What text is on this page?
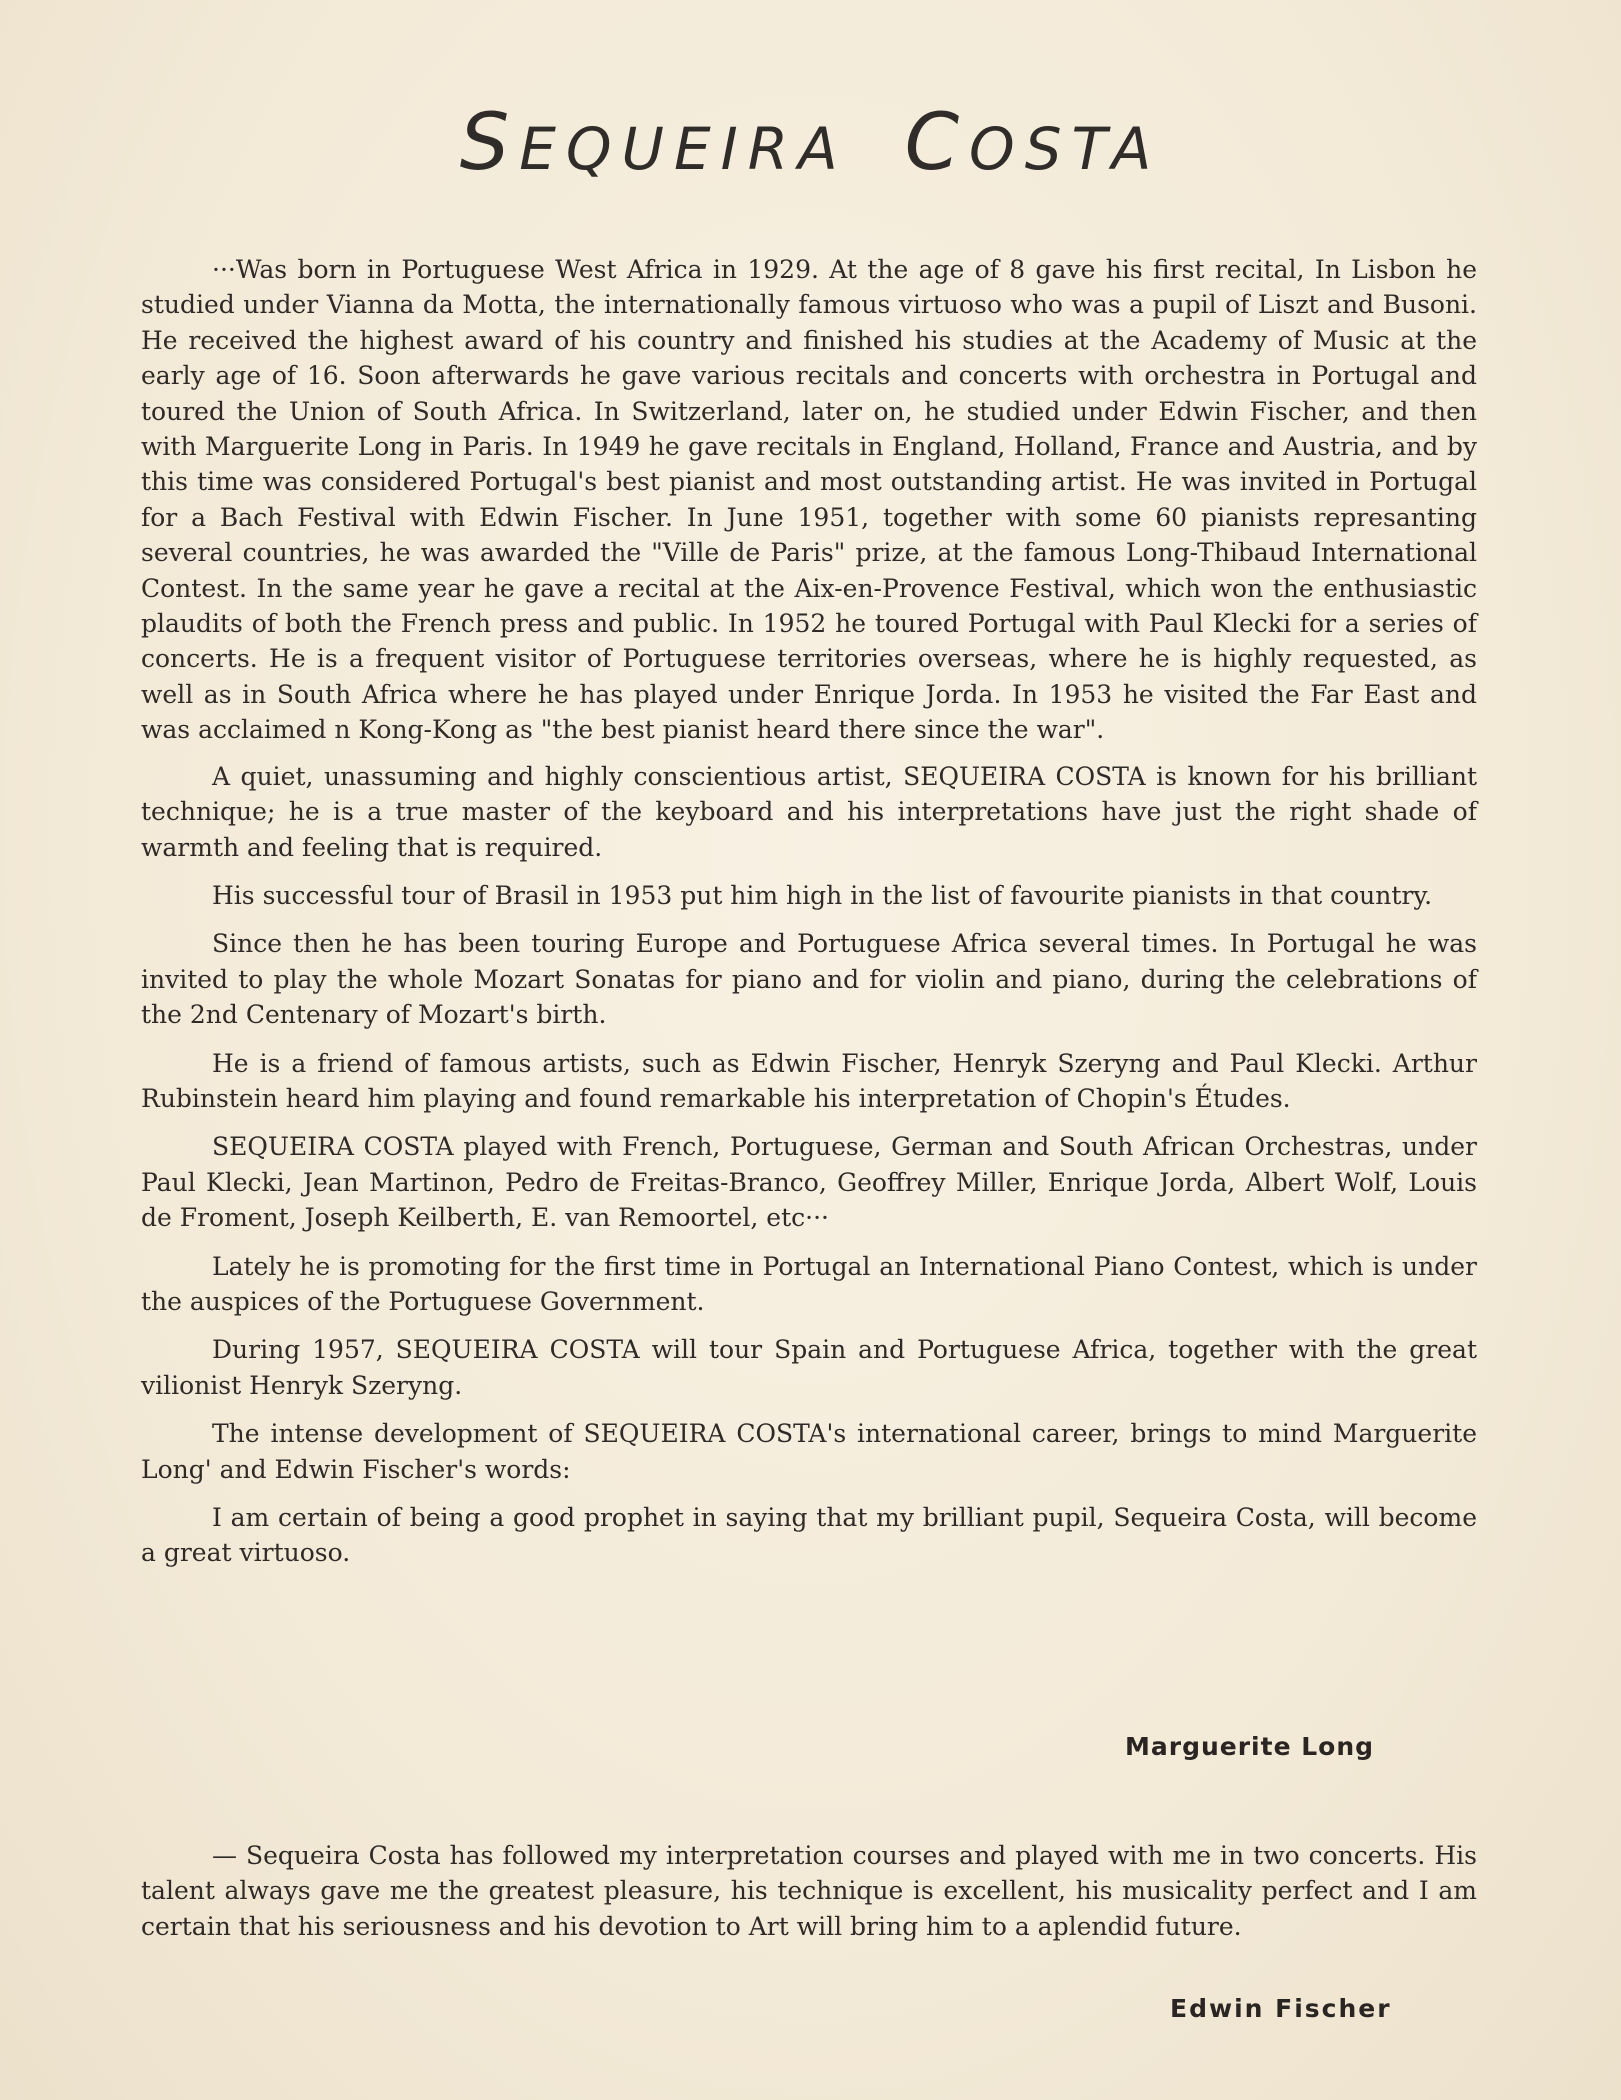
SEQUEIRA COSTA

···Was born in Portuguese West Africa in 1929. At the age of 8 gave his first recital, In Lisbon he studied under Vianna da Motta, the internationally famous virtuoso who was a pupil of Liszt and Busoni. He received the highest award of his country and finished his studies at the Academy of Music at the early age of 16. Soon afterwards he gave various recitals and concerts with orchestra in Portugal and toured the Union of South Africa. In Switzerland, later on, he studied under Edwin Fischer, and then with Marguerite Long in Paris. In 1949 he gave recitals in England, Holland, France and Austria, and by this time was considered Portugal's best pianist and most outstanding artist. He was invited in Portugal for a Bach Festival with Edwin Fischer. In June 1951, together with some 60 pianists represanting several countries, he was awarded the "Ville de Paris" prize, at the famous Long-Thibaud International Contest. In the same year he gave a recital at the Aix-en-Provence Festival, which won the enthusiastic plaudits of both the French press and public. In 1952 he toured Portugal with Paul Klecki for a series of concerts. He is a frequent visitor of Portuguese territories overseas, where he is highly requested, as well as in South Africa where he has played under Enrique Jorda. In 1953 he visited the Far East and was acclaimed n Kong-Kong as "the best pianist heard there since the war".

A quiet, unassuming and highly conscientious artist, SEQUEIRA COSTA is known for his brilliant technique; he is a true master of the keyboard and his interpretations have just the right shade of warmth and feeling that is required.

His successful tour of Brasil in 1953 put him high in the list of favourite pianists in that country.

Since then he has been touring Europe and Portuguese Africa several times. In Portugal he was invited to play the whole Mozart Sonatas for piano and for violin and piano, during the celebrations of the 2nd Centenary of Mozart's birth.

He is a friend of famous artists, such as Edwin Fischer, Henryk Szeryng and Paul Klecki. Arthur Rubinstein heard him playing and found remarkable his interpretation of Chopin's Études.

SEQUEIRA COSTA played with French, Portuguese, German and South African Orchestras, under Paul Klecki, Jean Martinon, Pedro de Freitas-Branco, Geoffrey Miller, Enrique Jorda, Albert Wolf, Louis de Froment, Joseph Keilberth, E. van Remoortel, etc···

Lately he is promoting for the first time in Portugal an International Piano Contest, which is under the auspices of the Portuguese Government.

During 1957, SEQUEIRA COSTA will tour Spain and Portuguese Africa, together with the great vilionist Henryk Szeryng.

The intense development of SEQUEIRA COSTA's international career, brings to mind Marguerite Long' and Edwin Fischer's words:

I am certain of being a good prophet in saying that my brilliant pupil, Sequeira Costa, will become a great virtuoso.

Marguerite Long

— Sequeira Costa has followed my interpretation courses and played with me in two concerts. His talent always gave me the greatest pleasure, his technique is excellent, his musicality perfect and I am certain that his seriousness and his devotion to Art will bring him to a aplendid future.

Edwin Fischer
